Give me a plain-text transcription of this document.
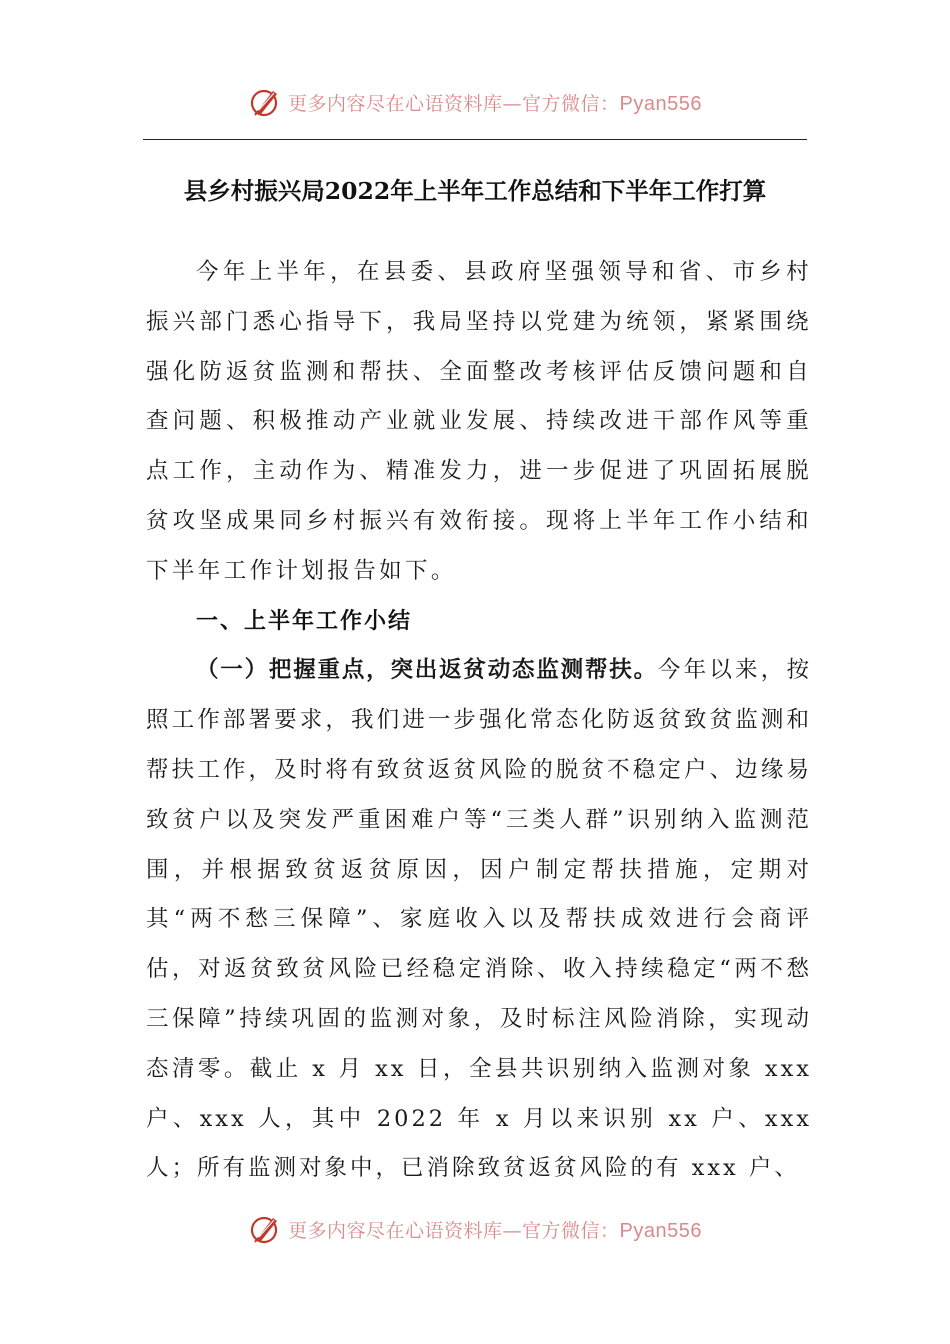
更多内容尽在心语资料库—官方微信：Pyan556
县乡村振兴局2022年上半年工作总结和下半年工作打算

今年上半年，在县委、县政府坚强领导和省、市乡村振兴部门悉心指导下，我局坚持以党建为统领，紧紧围绕强化防返贫监测和帮扶、全面整改考核评估反馈问题和自查问题、积极推动产业就业发展、持续改进干部作风等重点工作，主动作为、精准发力，进一步促进了巩固拓展脱贫攻坚成果同乡村振兴有效衔接。现将上半年工作小结和下半年工作计划报告如下。

一、上半年工作小结

（一）把握重点，突出返贫动态监测帮扶。今年以来，按照工作部署要求，我们进一步强化常态化防返贫致贫监测和帮扶工作，及时将有致贫返贫风险的脱贫不稳定户、边缘易致贫户以及突发严重困难户等“三类人群”识别纳入监测范围，并根据致贫返贫原因，因户制定帮扶措施，定期对其“两不愁三保障”、家庭收入以及帮扶成效进行会商评估，对返贫致贫风险已经稳定消除、收入持续稳定“两不愁三保障”持续巩固的监测对象，及时标注风险消除，实现动态清零。截止 x 月 xx 日，全县共识别纳入监测对象 xxx 户、xxx 人，其中 2022 年 x 月以来识别 xx 户、xxx 人；所有监测对象中，已消除致贫返贫风险的有 xxx 户、

更多内容尽在心语资料库—官方微信：Pyan556
